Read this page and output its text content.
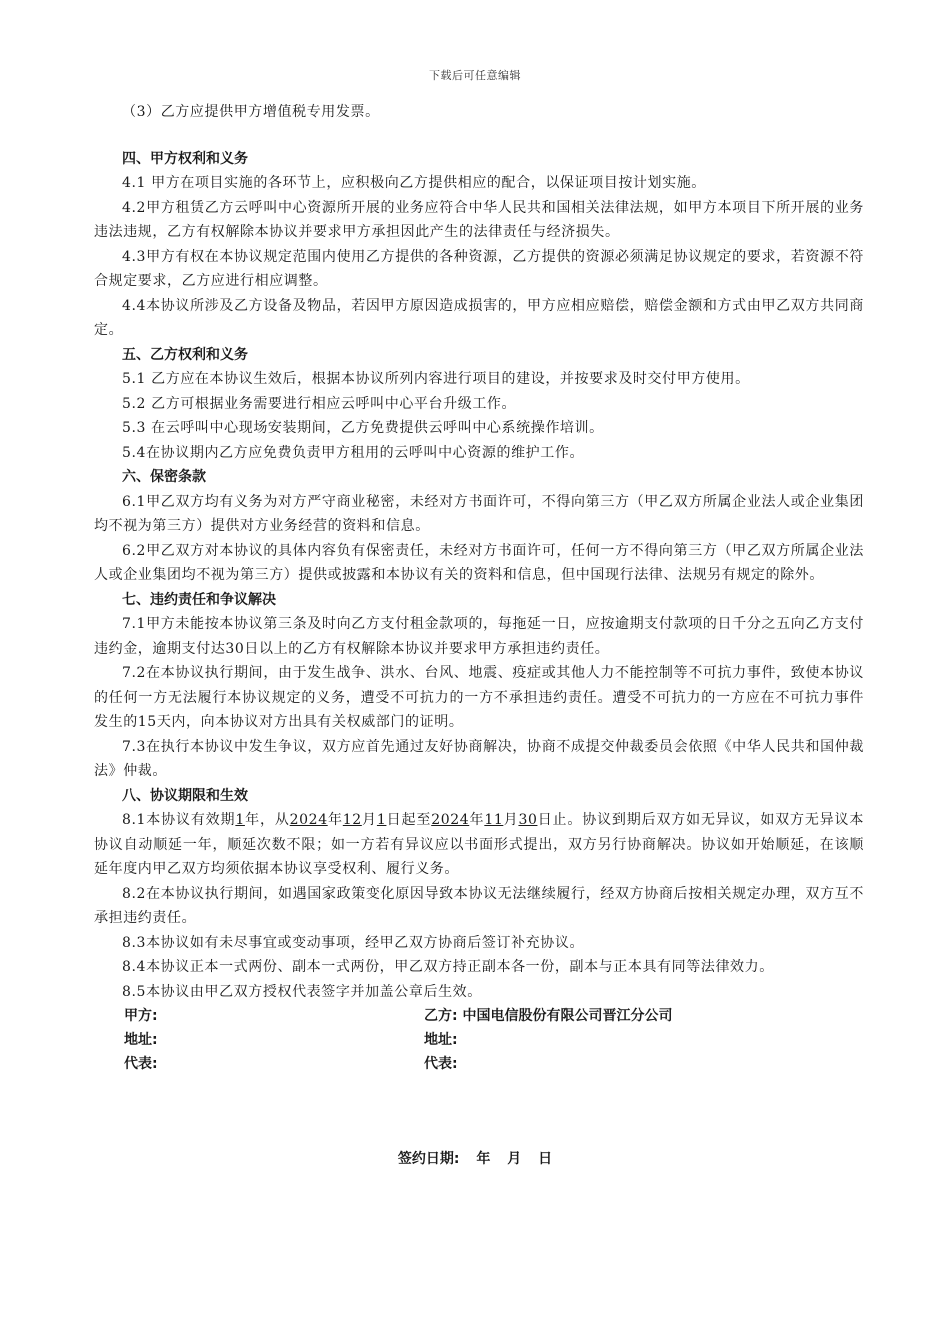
下载后可任意编辑

（3）乙方应提供甲方增值税专用发票。

四、甲方权利和义务

4.1 甲方在项目实施的各环节上，应积极向乙方提供相应的配合，以保证项目按计划实施。

4.2甲方租赁乙方云呼叫中心资源所开展的业务应符合中华人民共和国相关法律法规，如甲方本项目下所开展的业务违法违规，乙方有权解除本协议并要求甲方承担因此产生的法律责任与经济损失。

4.3甲方有权在本协议规定范围内使用乙方提供的各种资源，乙方提供的资源必须满足协议规定的要求，若资源不符合规定要求，乙方应进行相应调整。

4.4本协议所涉及乙方设备及物品，若因甲方原因造成损害的，甲方应相应赔偿，赔偿金额和方式由甲乙双方共同商定。

五、乙方权利和义务

5.1 乙方应在本协议生效后，根据本协议所列内容进行项目的建设，并按要求及时交付甲方使用。

5.2 乙方可根据业务需要进行相应云呼叫中心平台升级工作。

5.3 在云呼叫中心现场安装期间，乙方免费提供云呼叫中心系统操作培训。

5.4在协议期内乙方应免费负责甲方租用的云呼叫中心资源的维护工作。

六、保密条款

6.1甲乙双方均有义务为对方严守商业秘密，未经对方书面许可，不得向第三方（甲乙双方所属企业法人或企业集团均不视为第三方）提供对方业务经营的资料和信息。

6.2甲乙双方对本协议的具体内容负有保密责任，未经对方书面许可，任何一方不得向第三方（甲乙双方所属企业法人或企业集团均不视为第三方）提供或披露和本协议有关的资料和信息，但中国现行法律、法规另有规定的除外。

七、违约责任和争议解决

7.1甲方未能按本协议第三条及时向乙方支付租金款项的，每拖延一日，应按逾期支付款项的日千分之五向乙方支付违约金，逾期支付达30日以上的乙方有权解除本协议并要求甲方承担违约责任。

7.2在本协议执行期间，由于发生战争、洪水、台风、地震、疫症或其他人力不能控制等不可抗力事件，致使本协议的任何一方无法履行本协议规定的义务，遭受不可抗力的一方不承担违约责任。遭受不可抗力的一方应在不可抗力事件发生的15天内，向本协议对方出具有关权威部门的证明。

7.3在执行本协议中发生争议，双方应首先通过友好协商解决，协商不成提交仲裁委员会依照《中华人民共和国仲裁法》仲裁。

八、协议期限和生效

8.1本协议有效期1年，从2024年12月1日起至2024年11月30日止。协议到期后双方如无异议，如双方无异议本协议自动顺延一年，顺延次数不限；如一方若有异议应以书面形式提出，双方另行协商解决。协议如开始顺延，在该顺延年度内甲乙双方均须依据本协议享受权利、履行义务。

8.2在本协议执行期间，如遇国家政策变化原因导致本协议无法继续履行，经双方协商后按相关规定办理，双方互不承担违约责任。

8.3本协议如有未尽事宜或变动事项，经甲乙双方协商后签订补充协议。

8.4本协议正本一式两份、副本一式两份，甲乙双方持正副本各一份，副本与正本具有同等法律效力。

8.5本协议由甲乙双方授权代表签字并加盖公章后生效。

甲方:	乙方: 中国电信股份有限公司晋江分公司
地址:	地址:
代表:	代表:
签约日期: 年 月 日
